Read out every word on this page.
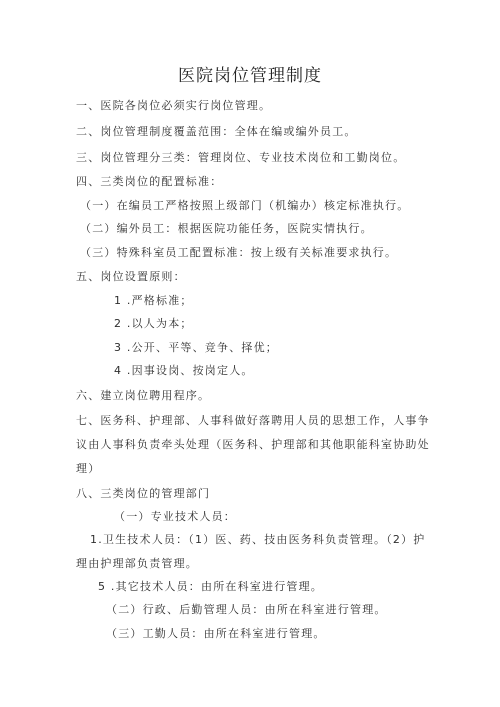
医院岗位管理制度
一、医院各岗位必须实行岗位管理。
二、岗位管理制度覆盖范围：全体在编或编外员工。
三、岗位管理分三类：管理岗位、专业技术岗位和工勤岗位。
四、三类岗位的配置标准：
（一）在编员工严格按照上级部门（机编办）核定标准执行。
（二）编外员工：根据医院功能任务，医院实情执行。
（三）特殊科室员工配置标准：按上级有关标准要求执行。
五、岗位设置原则：
1 .严格标准；
2 .以人为本；
3 .公开、平等、竞争、择优；
4 .因事设岗、按岗定人。
六、建立岗位聘用程序。
七、医务科、护理部、人事科做好落聘用人员的思想工作，人事争
议由人事科负责牵头处理（医务科、护理部和其他职能科室协助处
理）
八、三类岗位的管理部门
（一）专业技术人员：
1.卫生技术人员：（1）医、药、技由医务科负责管理。（2）护
理由护理部负责管理。
5 .其它技术人员：由所在科室进行管理。
（二）行政、后勤管理人员：由所在科室进行管理。
（三）工勤人员：由所在科室进行管理。
